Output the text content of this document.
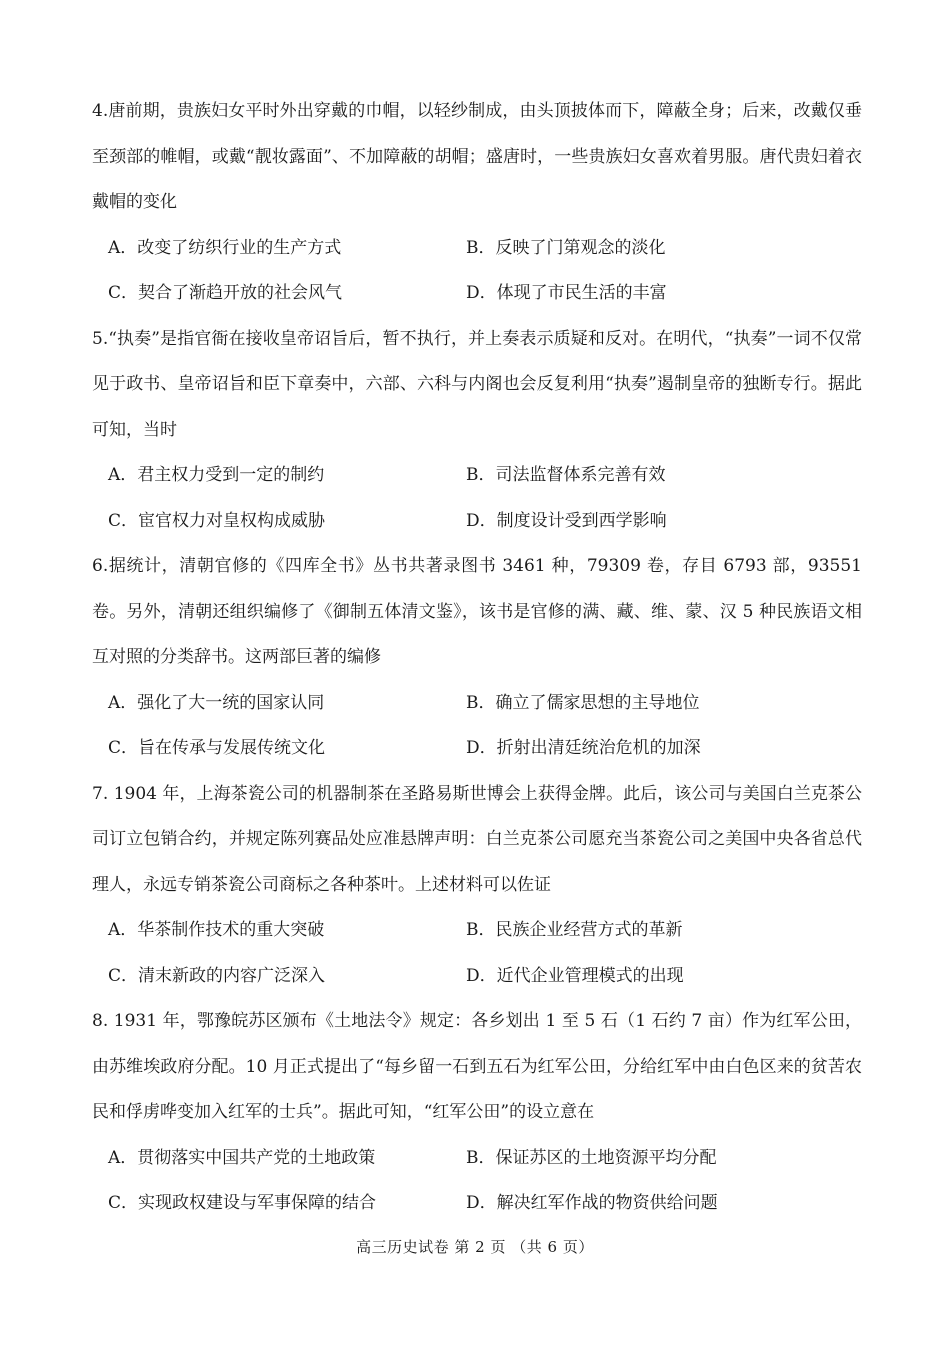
4.唐前期，贵族妇女平时外出穿戴的巾帽，以轻纱制成，由头顶披体而下，障蔽全身；后来，改戴仅垂至颈部的帷帽，或戴“靓妆露面”、不加障蔽的胡帽；盛唐时，一些贵族妇女喜欢着男服。唐代贵妇着衣戴帽的变化

A．改变了纺织行业的生产方式	B．反映了门第观念的淡化
C．契合了渐趋开放的社会风气	D．体现了市民生活的丰富

5.“执奏”是指官衙在接收皇帝诏旨后，暂不执行，并上奏表示质疑和反对。在明代，“执奏”一词不仅常见于政书、皇帝诏旨和臣下章奏中，六部、六科与内阁也会反复利用“执奏”遏制皇帝的独断专行。据此可知，当时

A．君主权力受到一定的制约	B．司法监督体系完善有效
C．宦官权力对皇权构成威胁	D．制度设计受到西学影响

6.据统计，清朝官修的《四库全书》丛书共著录图书 3461 种，79309 卷，存目 6793 部，93551 卷。另外，清朝还组织编修了《御制五体清文鉴》，该书是官修的满、藏、维、蒙、汉 5 种民族语文相互对照的分类辞书。这两部巨著的编修

A．强化了大一统的国家认同	B．确立了儒家思想的主导地位
C．旨在传承与发展传统文化	D．折射出清廷统治危机的加深

7. 1904 年，上海茶瓷公司的机器制茶在圣路易斯世博会上获得金牌。此后，该公司与美国白兰克茶公司订立包销合约，并规定陈列赛品处应准悬牌声明：白兰克茶公司愿充当茶瓷公司之美国中央各省总代理人，永远专销茶瓷公司商标之各种茶叶。上述材料可以佐证

A．华茶制作技术的重大突破	B．民族企业经营方式的革新
C．清末新政的内容广泛深入	D．近代企业管理模式的出现

8. 1931 年，鄂豫皖苏区颁布《土地法令》规定：各乡划出 1 至 5 石（1 石约 7 亩）作为红军公田，由苏维埃政府分配。10 月正式提出了“每乡留一石到五石为红军公田，分给红军中由白色区来的贫苦农民和俘虏哗变加入红军的士兵”。据此可知，“红军公田”的设立意在

A．贯彻落实中国共产党的土地政策	B．保证苏区的土地资源平均分配
C．实现政权建设与军事保障的结合	D．解决红军作战的物资供给问题
高三历史试卷 第 2 页 （共 6 页）
